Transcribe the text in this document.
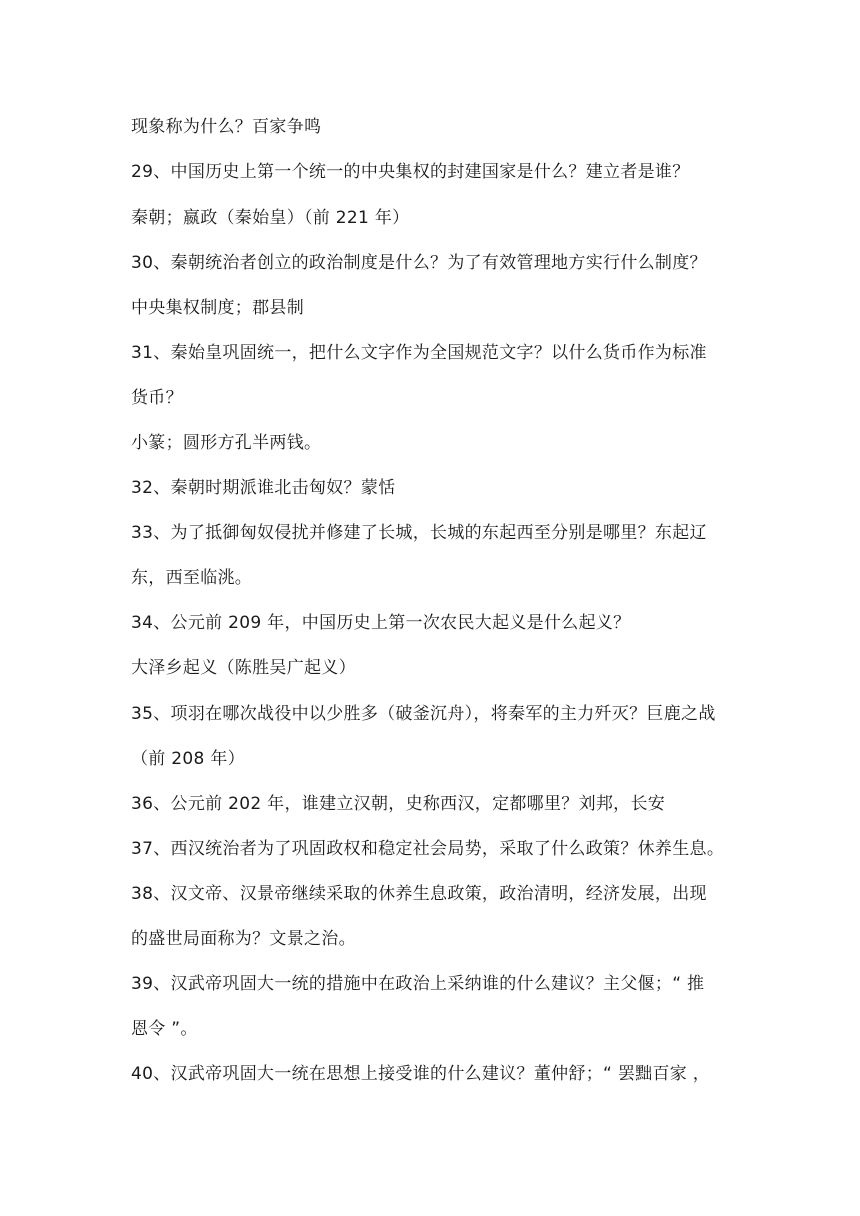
现象称为什么？百家争鸣
29、中国历史上第一个统一的中央集权的封建国家是什么？建立者是谁？
秦朝；嬴政（秦始皇）（前 221 年）
30、秦朝统治者创立的政治制度是什么？为了有效管理地方实行什么制度？
中央集权制度；郡县制
31、秦始皇巩固统一，把什么文字作为全国规范文字？以什么货币作为标准
货币？
小篆；圆形方孔半两钱。
32、秦朝时期派谁北击匈奴？蒙恬
33、为了抵御匈奴侵扰并修建了长城，长城的东起西至分别是哪里？东起辽
东，西至临洮。
34、公元前 209 年，中国历史上第一次农民大起义是什么起义？
大泽乡起义（陈胜吴广起义）
35、项羽在哪次战役中以少胜多（破釜沉舟），将秦军的主力歼灭？巨鹿之战
（前 208 年）
36、公元前 202 年，谁建立汉朝，史称西汉，定都哪里？刘邦，长安
37、西汉统治者为了巩固政权和稳定社会局势，采取了什么政策？休养生息。
38、汉文帝、汉景帝继续采取的休养生息政策，政治清明，经济发展，出现
的盛世局面称为？文景之治。
39、汉武帝巩固大一统的措施中在政治上采纳谁的什么建议？主父偃；“ 推
恩令 ”。
40、汉武帝巩固大一统在思想上接受谁的什么建议？董仲舒；“ 罢黜百家 ，
